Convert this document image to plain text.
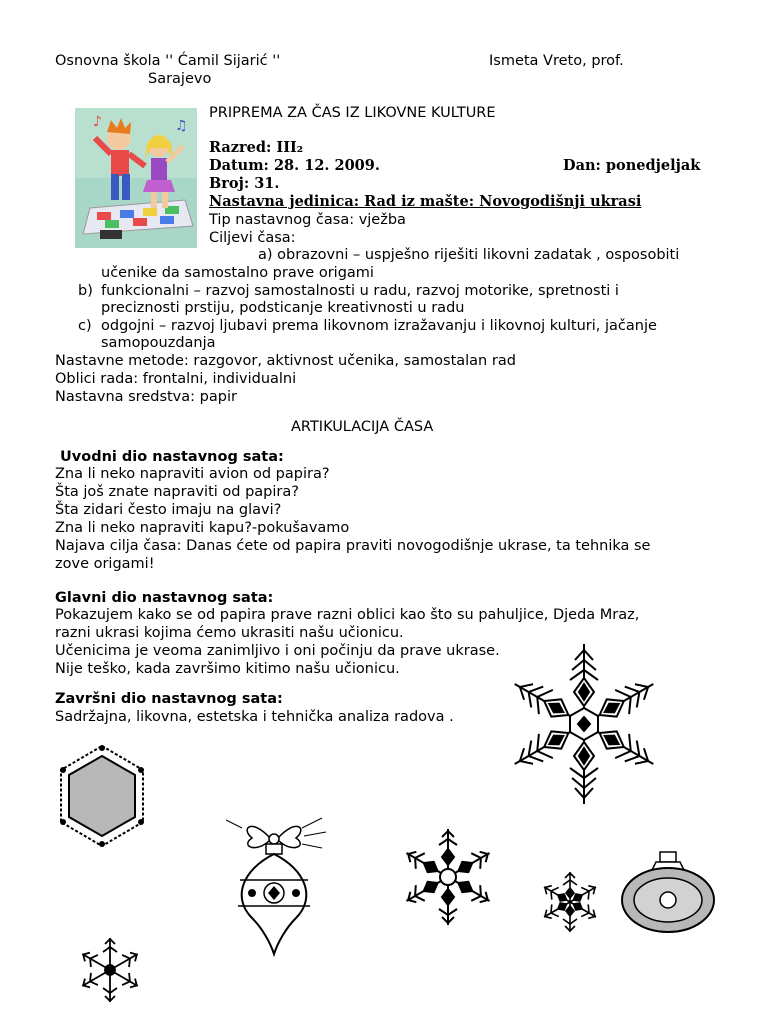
Osnovna škola '' Ćamil Sijarić ''
Sarajevo
Ismeta Vreto, prof.
♪	♫
PRIPREMA ZA ČAS IZ LIKOVNE KULTURE
Razred: III₂
Datum: 28. 12. 2009.	Dan: ponedjeljak
Broj: 31.
Nastavna jedinica: Rad iz mašte: Novogodišnji ukrasi
Tip nastavnog časa: vježba
Ciljevi časa:
a) obrazovni – uspješno riješiti likovni zadatak , osposobiti
učenike da samostalno prave origami
b) funkcionalni – razvoj samostalnosti u radu, razvoj motorike, spretnosti i
preciznosti prstiju, podsticanje kreativnosti u radu
c) odgojni – razvoj ljubavi prema likovnom izražavanju i likovnoj kulturi, jačanje
samopouzdanja
Nastavne metode: razgovor, aktivnost učenika, samostalan rad
Oblici rada: frontalni, individualni
Nastavna sredstva: papir
ARTIKULACIJA ČASA
Uvodni dio nastavnog sata:
Zna li neko napraviti avion od papira?
Šta još znate napraviti od papira?
Šta zidari često imaju na glavi?
Zna li neko napraviti kapu?-pokušavamo
Najava cilja časa: Danas ćete od papira praviti novogodišnje ukrase, ta tehnika se
zove origami!
Glavni dio nastavnog sata:
Pokazujem kako se od papira prave razni oblici kao što su pahuljice, Djeda Mraz,
razni ukrasi kojima ćemo ukrasiti našu učionicu.
Učenicima je veoma zanimljivo i oni počinju da prave ukrase.
Nije teško, kada završimo kitimo našu učionicu.
Završni dio nastavnog sata:
Sadržajna, likovna, estetska i tehnička analiza radova .
